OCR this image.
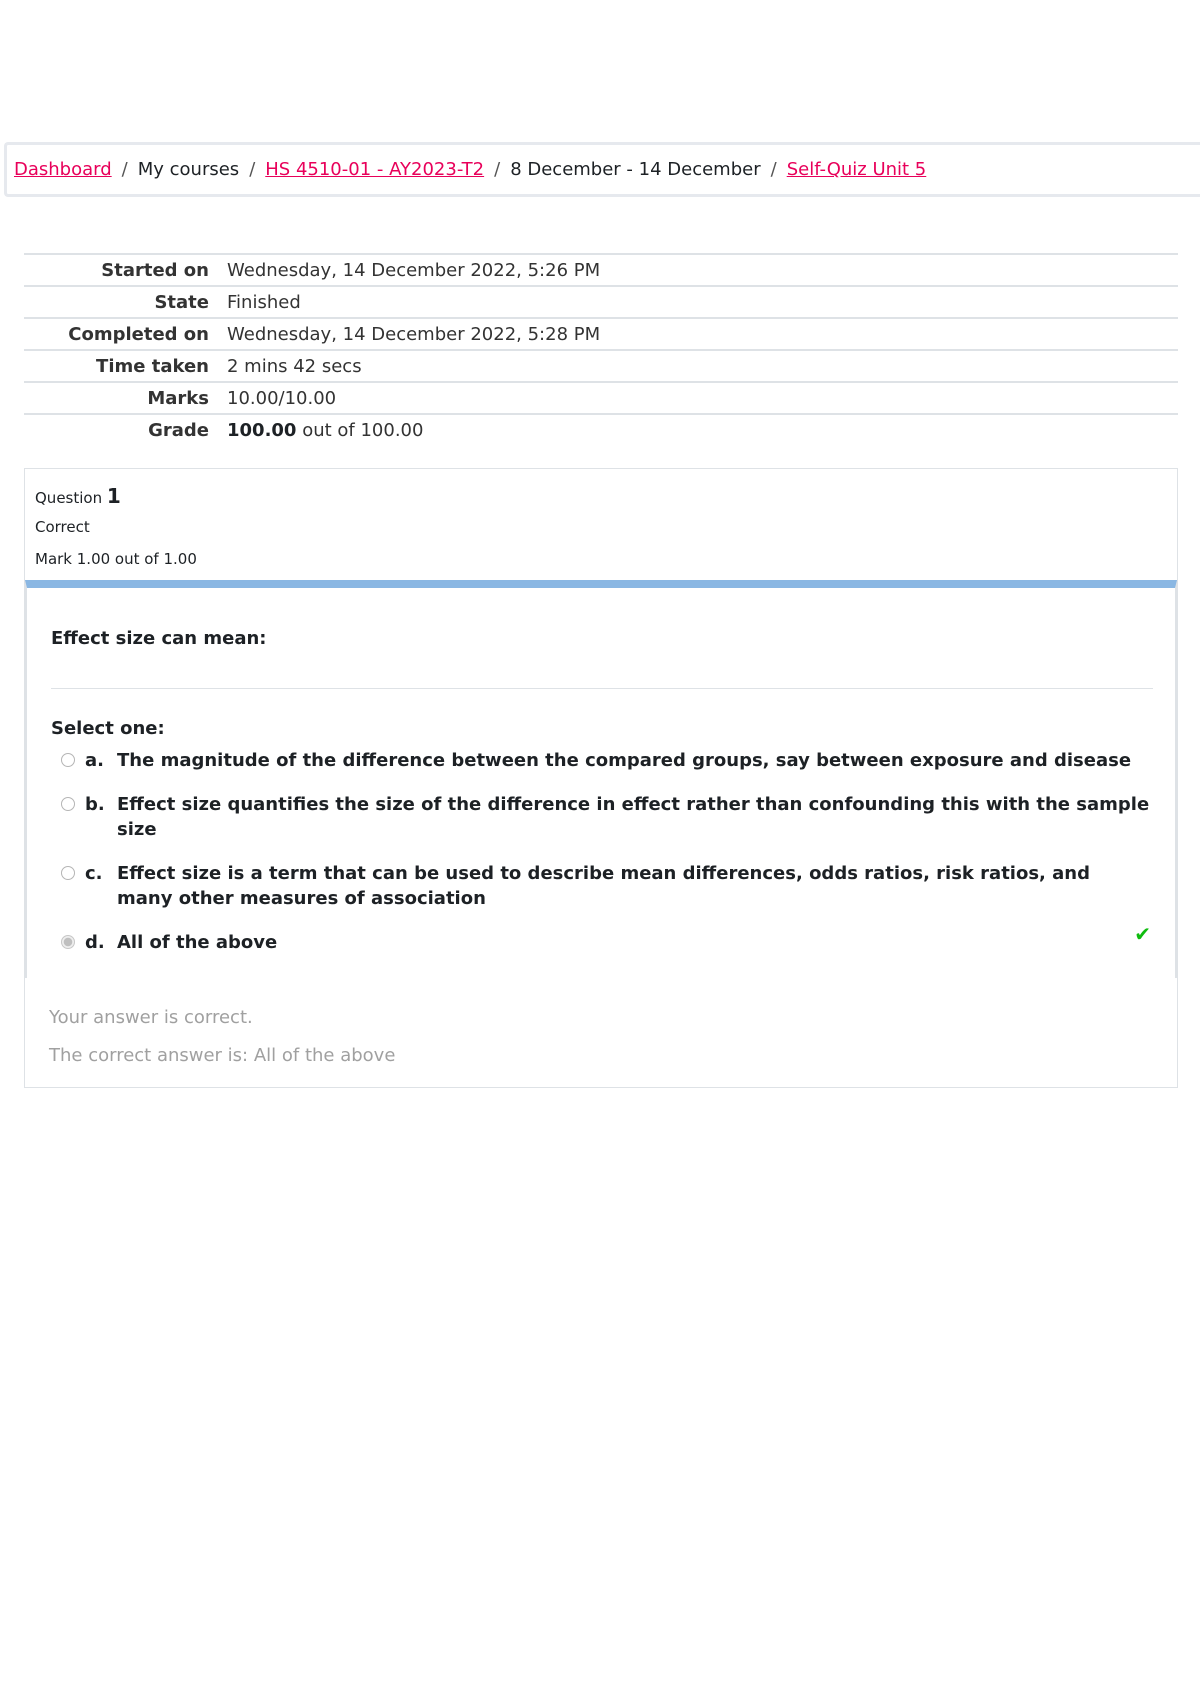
Dashboard / My courses / HS 4510-01 - AY2023-T2 / 8 December - 14 December / Self-Quiz Unit 5
Started on	Wednesday, 14 December 2022, 5:26 PM
State	Finished
Completed on	Wednesday, 14 December 2022, 5:28 PM
Time taken	2 mins 42 secs
Marks	10.00/10.00
Grade	100.00 out of 100.00
Question 1
Correct
Mark 1.00 out of 1.00
Effect size can mean:
Select one:
a. The magnitude of the difference between the compared groups, say between exposure and disease
b. Effect size quantifies the size of the difference in effect rather than confounding this with the sample size
c. Effect size is a term that can be used to describe mean differences, odds ratios, risk ratios, and many other measures of association
d. All of the above	✔
Your answer is correct.
The correct answer is: All of the above
